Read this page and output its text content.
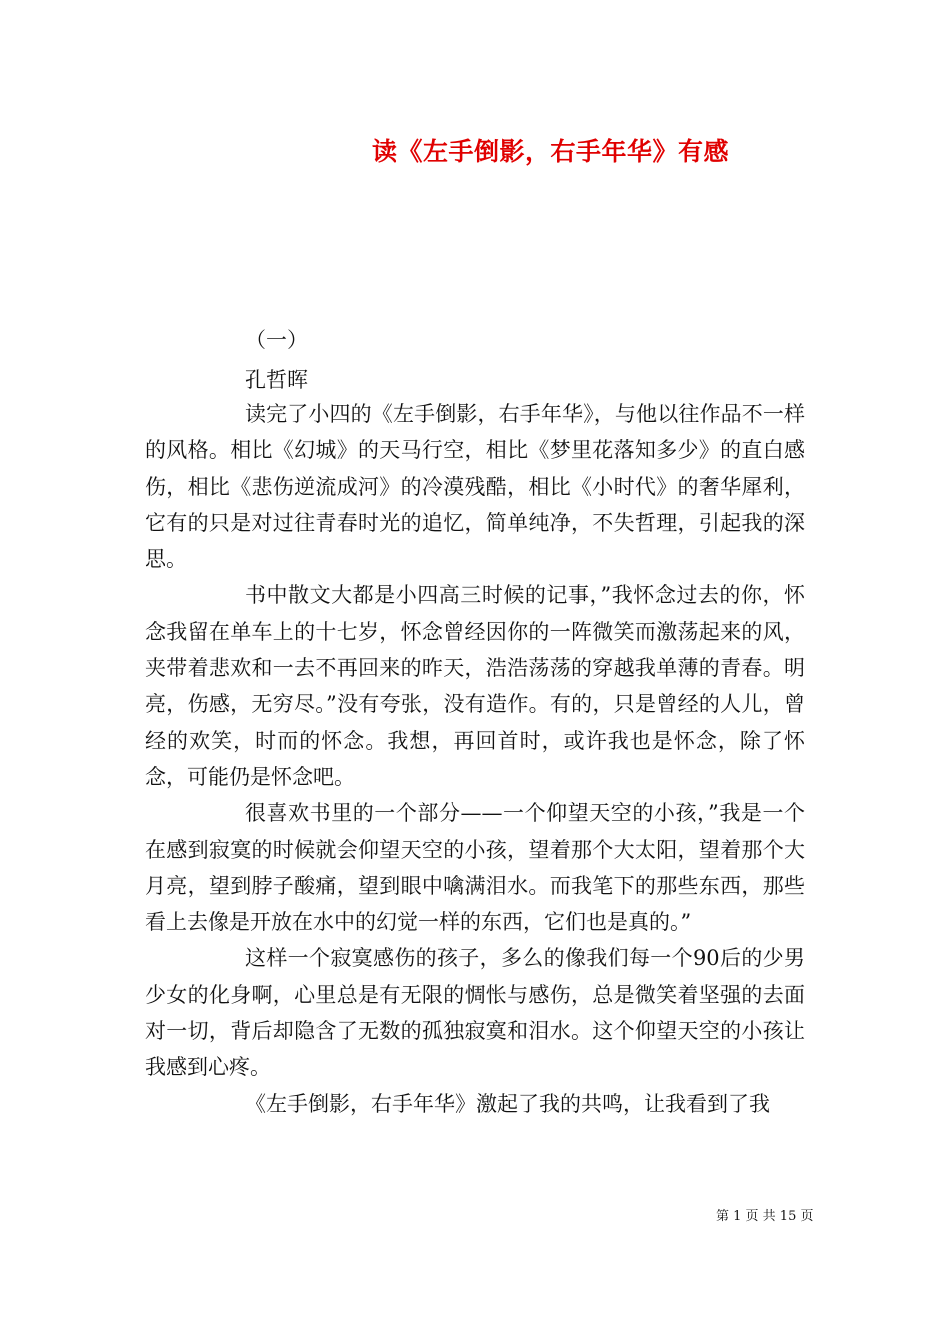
读《左手倒影，右手年华》有感

（一）

孔哲晖

读完了小四的《左手倒影，右手年华》，与他以往作品不一样的风格。相比《幻城》的天马行空，相比《梦里花落知多少》的直白感伤，相比《悲伤逆流成河》的冷漠残酷，相比《小时代》的奢华犀利，它有的只是对过往青春时光的追忆，简单纯净，不失哲理，引起我的深思。

书中散文大都是小四高三时候的记事，”我怀念过去的你，怀念我留在单车上的十七岁，怀念曾经因你的一阵微笑而激荡起来的风，夹带着悲欢和一去不再回来的昨天，浩浩荡荡的穿越我单薄的青春。明亮，伤感，无穷尽。”没有夸张，没有造作。有的，只是曾经的人儿，曾经的欢笑，时而的怀念。我想，再回首时，或许我也是怀念，除了怀念，可能仍是怀念吧。

很喜欢书里的一个部分——一个仰望天空的小孩，”我是一个在感到寂寞的时候就会仰望天空的小孩，望着那个大太阳，望着那个大月亮，望到脖子酸痛，望到眼中噙满泪水。而我笔下的那些东西，那些看上去像是开放在水中的幻觉一样的东西，它们也是真的。”

这样一个寂寞感伤的孩子，多么的像我们每一个90后的少男少女的化身啊，心里总是有无限的惆怅与感伤，总是微笑着坚强的去面对一切，背后却隐含了无数的孤独寂寞和泪水。这个仰望天空的小孩让我感到心疼。

《左手倒影，右手年华》激起了我的共鸣，让我看到了我

第 1 页 共 15 页
